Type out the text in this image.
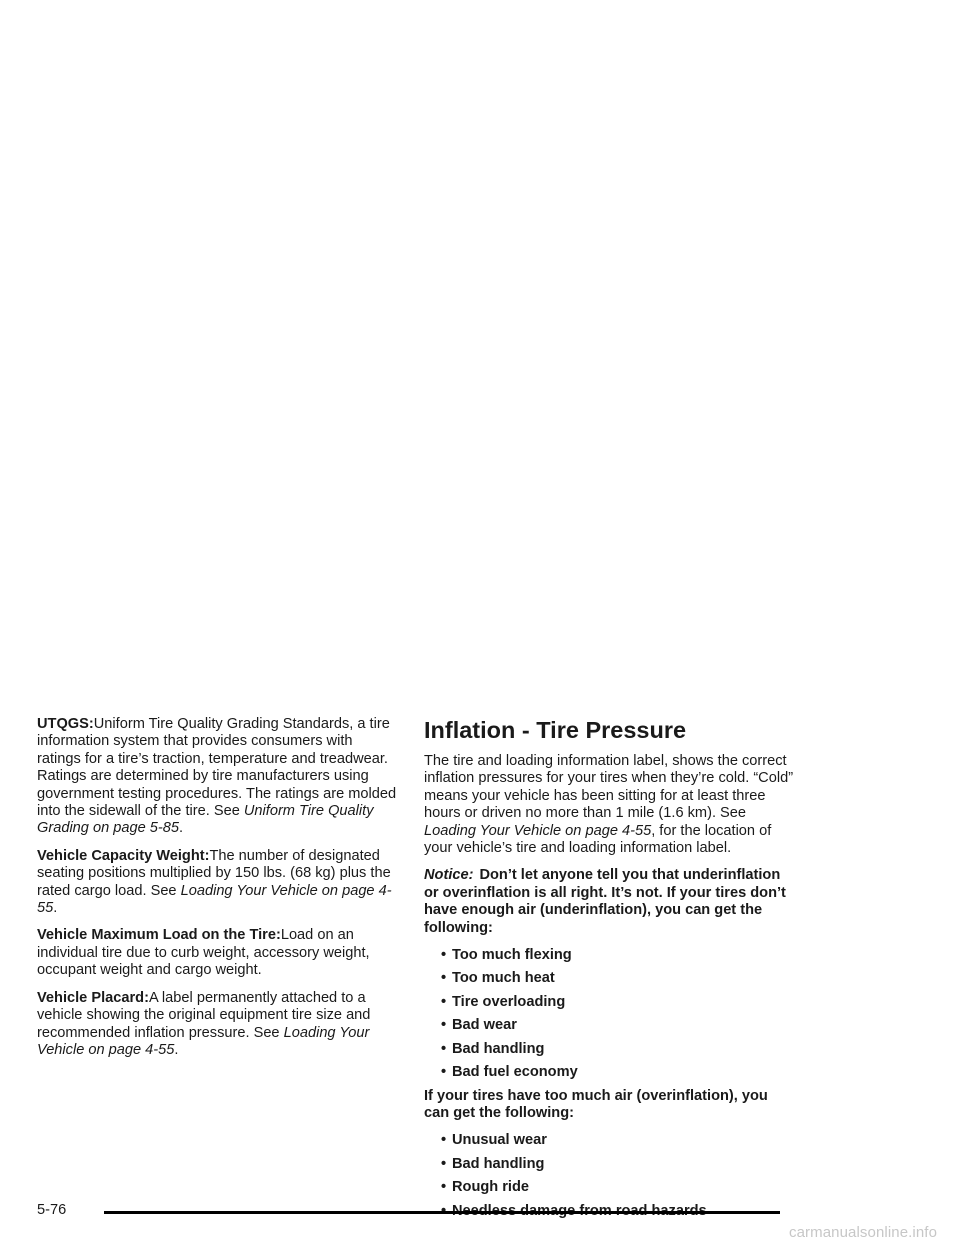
UTQGS:Uniform Tire Quality Grading Standards, a tire information system that provides consumers with ratings for a tire’s traction, temperature and treadwear. Ratings are determined by tire manufacturers using government testing procedures. The ratings are molded into the sidewall of the tire. See Uniform Tire Quality Grading on page 5-85.

Vehicle Capacity Weight:The number of designated seating positions multiplied by 150 lbs. (68 kg) plus the rated cargo load. See Loading Your Vehicle on page 4-55.

Vehicle Maximum Load on the Tire:Load on an individual tire due to curb weight, accessory weight, occupant weight and cargo weight.

Vehicle Placard:A label permanently attached to a vehicle showing the original equipment tire size and recommended inflation pressure. See Loading Your Vehicle on page 4-55.

Inflation - Tire Pressure

The tire and loading information label, shows the correct inflation pressures for your tires when they’re cold. “Cold” means your vehicle has been sitting for at least three hours or driven no more than 1 mile (1.6 km). See Loading Your Vehicle on page 4-55, for the location of your vehicle’s tire and loading information label.

Notice: Don’t let anyone tell you that underinflation or overinflation is all right. It’s not. If your tires don’t have enough air (underinflation), you can get the following:

• Too much flexing
• Too much heat
• Tire overloading
• Bad wear
• Bad handling
• Bad fuel economy

If your tires have too much air (overinflation), you can get the following:

• Unusual wear
• Bad handling
• Rough ride
•
5-76
carmanualsonline.info
